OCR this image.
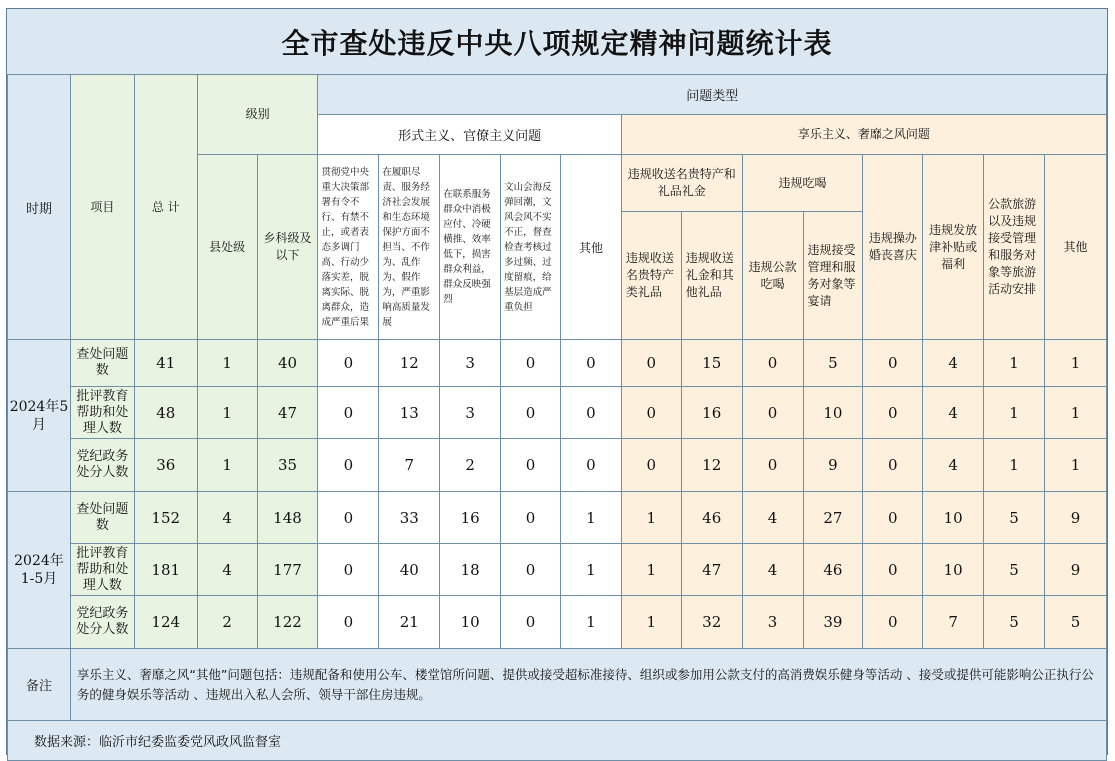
全市查处违反中央八项规定精神问题统计表
时期	项目	总 计	级别		问题类型												
					形式主义、官僚主义问题					享乐主义、奢靡之风问题							
			县处级	乡科级及以下	贯彻党中央重大决策部署有令不行、有禁不止，或者表态多调门高、行动少落实差，脱离实际、脱离群众，造成严重后果	在履职尽责、服务经济社会发展和生态环境保护方面不担当、不作为、乱作为、假作为，严重影响高质量发展	在联系服务群众中消极应付、冷硬横推、效率低下，损害群众利益，群众反映强烈	文山会海反弹回潮，文风会风不实不正，督查检查考核过多过频、过度留痕，给基层造成严重负担	其他	违规收送名贵特产和礼品礼金		违规吃喝		违规操办婚丧喜庆	违规发放津补贴或福利	公款旅游以及违规接受管理和服务对象等旅游活动安排	其他
										违规收送名贵特产类礼品	违规收送礼金和其他礼品	违规公款吃喝	违规接受管理和服务对象等宴请				
2024年5月	查处问题数	41	1	40	0	12	3	0	0	0	15	0	5	0	4	1	1
	批评教育帮助和处理人数	48	1	47	0	13	3	0	0	0	16	0	10	0	4	1	1
	党纪政务处分人数	36	1	35	0	7	2	0	0	0	12	0	9	0	4	1	1
2024年1-5月	查处问题数	152	4	148	0	33	16	0	1	1	46	4	27	0	10	5	9
	批评教育帮助和处理人数	181	4	177	0	40	18	0	1	1	47	4	46	0	10	5	9
	党纪政务处分人数	124	2	122	0	21	10	0	1	1	32	3	39	0	7	5	5
备注	享乐主义、奢靡之风“其他”问题包括：违规配备和使用公车、楼堂馆所问题、提供或接受超标准接待、组织或参加用公款支付的高消费娱乐健身等活动 、接受或提供可能影响公正执行公务的健身娱乐等活动 、违规出入私人会所、领导干部住房违规。																
数据来源：临沂市纪委监委党风政风监督室																	
